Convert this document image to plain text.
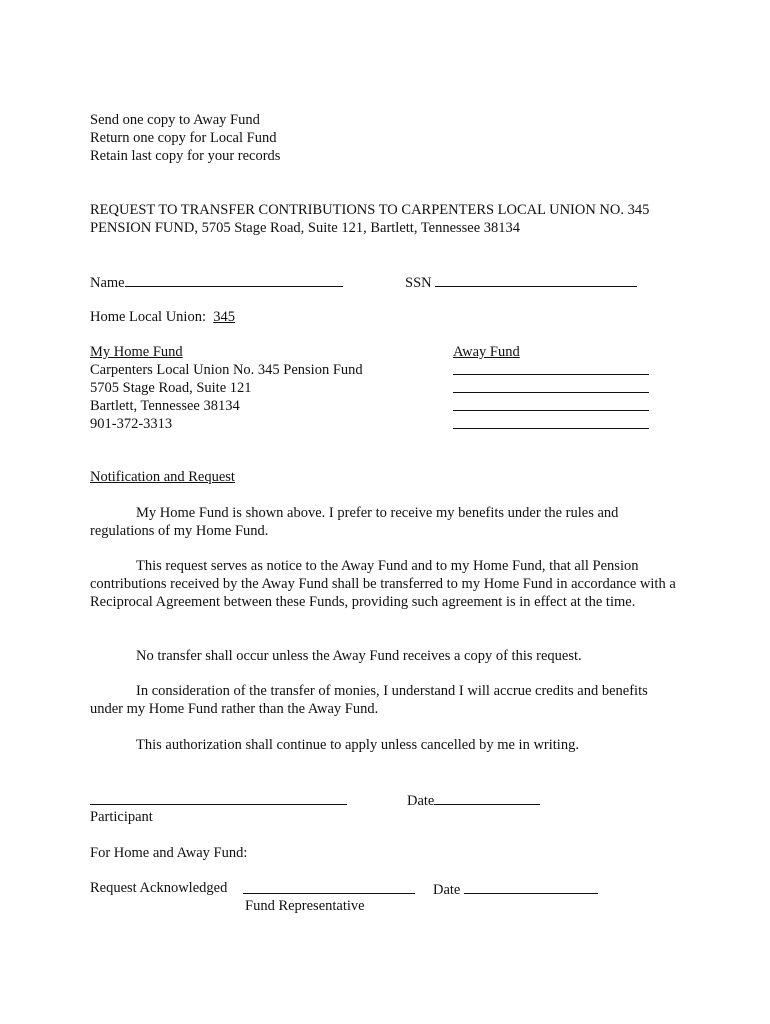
Send one copy to Away Fund
Return one copy for Local Fund
Retain last copy for your records
REQUEST TO TRANSFER CONTRIBUTIONS TO CARPENTERS LOCAL UNION NO. 345
PENSION FUND, 5705 Stage Road, Suite 121, Bartlett, Tennessee 38134
Name	SSN
Home Local Union: 345
My Home Fund
Carpenters Local Union No. 345 Pension Fund
5705 Stage Road, Suite 121
Bartlett, Tennessee 38134
901-372-3313
Away Fund
Notification and Request

My Home Fund is shown above. I prefer to receive my benefits under the rules and regulations of my Home Fund.

This request serves as notice to the Away Fund and to my Home Fund, that all Pension contributions received by the Away Fund shall be transferred to my Home Fund in accordance with a Reciprocal Agreement between these Funds, providing such agreement is in effect at the time.

No transfer shall occur unless the Away Fund receives a copy of this request.

In consideration of the transfer of monies, I understand I will accrue credits and benefits under my Home Fund rather than the Away Fund.

This authorization shall continue to apply unless cancelled by me in writing.

Date
Participant
For Home and Away Fund:
Request Acknowledged	Date
Fund Representative
